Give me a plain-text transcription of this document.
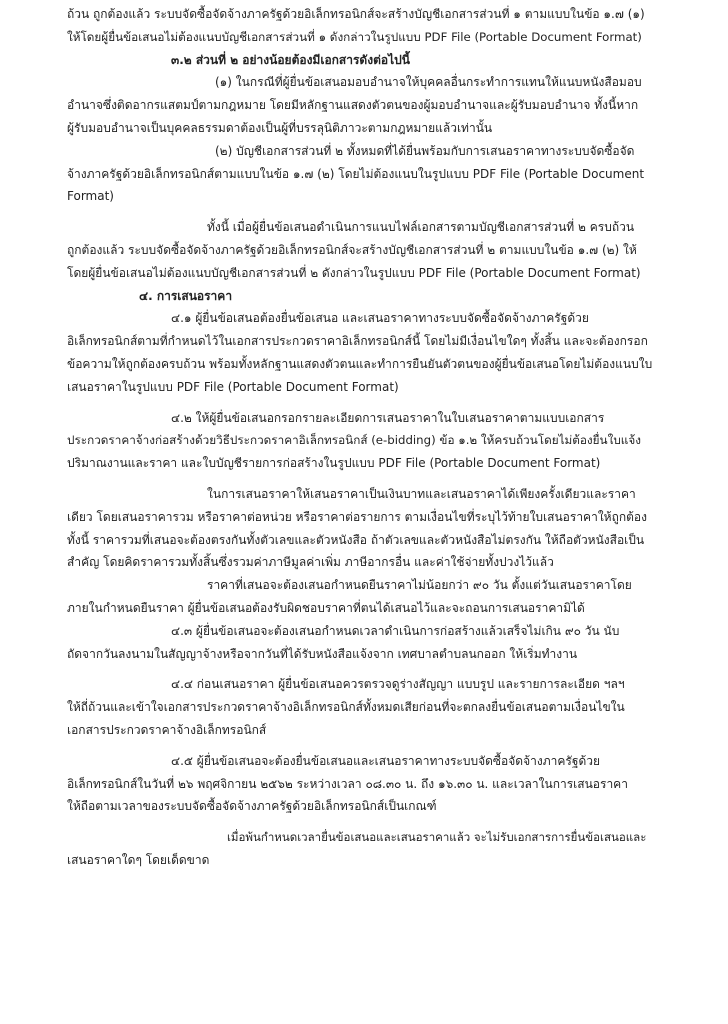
ถ้วน ถูกต้องแล้ว ระบบจัดซื้อจัดจ้างภาครัฐด้วยอิเล็กทรอนิกส์จะสร้างบัญชีเอกสารส่วนที่ ๑ ตามแบบในข้อ ๑.๗ (๑)
ให้โดยผู้ยื่นข้อเสนอไม่ต้องแนบบัญชีเอกสารส่วนที่ ๑ ดังกล่าวในรูปแบบ PDF File (Portable Document Format)
๓.๒ ส่วนที่ ๒ อย่างน้อยต้องมีเอกสารดังต่อไปนี้
(๑) ในกรณีที่ผู้ยื่นข้อเสนอมอบอำนาจให้บุคคลอื่นกระทำการแทนให้แนบหนังสือมอบ
อำนาจซึ่งติดอากรแสตมป์ตามกฎหมาย โดยมีหลักฐานแสดงตัวตนของผู้มอบอำนาจและผู้รับมอบอำนาจ ทั้งนี้หาก
ผู้รับมอบอำนาจเป็นบุคคลธรรมดาต้องเป็นผู้ที่บรรลุนิติภาวะตามกฎหมายแล้วเท่านั้น
(๒) บัญชีเอกสารส่วนที่ ๒ ทั้งหมดที่ได้ยื่นพร้อมกับการเสนอราคาทางระบบจัดซื้อจัด
จ้างภาครัฐด้วยอิเล็กทรอนิกส์ตามแบบในข้อ ๑.๗ (๒) โดยไม่ต้องแนบในรูปแบบ PDF File (Portable Document
Format)
ทั้งนี้ เมื่อผู้ยื่นข้อเสนอดำเนินการแนบไฟล์เอกสารตามบัญชีเอกสารส่วนที่ ๒ ครบถ้วน
ถูกต้องแล้ว ระบบจัดซื้อจัดจ้างภาครัฐด้วยอิเล็กทรอนิกส์จะสร้างบัญชีเอกสารส่วนที่ ๒ ตามแบบในข้อ ๑.๗ (๒) ให้
โดยผู้ยื่นข้อเสนอไม่ต้องแนบบัญชีเอกสารส่วนที่ ๒ ดังกล่าวในรูปแบบ PDF File (Portable Document Format)
๔. การเสนอราคา
๔.๑ ผู้ยื่นข้อเสนอต้องยื่นข้อเสนอ และเสนอราคาทางระบบจัดซื้อจัดจ้างภาครัฐด้วย
อิเล็กทรอนิกส์ตามที่กำหนดไว้ในเอกสารประกวดราคาอิเล็กทรอนิกส์นี้ โดยไม่มีเงื่อนไขใดๆ ทั้งสิ้น และจะต้องกรอก
ข้อความให้ถูกต้องครบถ้วน พร้อมทั้งหลักฐานแสดงตัวตนและทำการยืนยันตัวตนของผู้ยื่นข้อเสนอโดยไม่ต้องแนบใบ
เสนอราคาในรูปแบบ PDF File (Portable Document Format)
๔.๒ ให้ผู้ยื่นข้อเสนอกรอกรายละเอียดการเสนอราคาในใบเสนอราคาตามแบบเอกสาร
ประกวดราคาจ้างก่อสร้างด้วยวิธีประกวดราคาอิเล็กทรอนิกส์ (e-bidding) ข้อ ๑.๒ ให้ครบถ้วนโดยไม่ต้องยื่นใบแจ้ง
ปริมาณงานและราคา และใบบัญชีรายการก่อสร้างในรูปแบบ PDF File (Portable Document Format)
ในการเสนอราคาให้เสนอราคาเป็นเงินบาทและเสนอราคาได้เพียงครั้งเดียวและราคา
เดียว โดยเสนอราคารวม หรือราคาต่อหน่วย หรือราคาต่อรายการ ตามเงื่อนไขที่ระบุไว้ท้ายใบเสนอราคาให้ถูกต้อง
ทั้งนี้ ราคารวมที่เสนอจะต้องตรงกันทั้งตัวเลขและตัวหนังสือ ถ้าตัวเลขและตัวหนังสือไม่ตรงกัน ให้ถือตัวหนังสือเป็น
สำคัญ โดยคิดราคารวมทั้งสิ้นซึ่งรวมค่าภาษีมูลค่าเพิ่ม ภาษีอากรอื่น และค่าใช้จ่ายทั้งปวงไว้แล้ว
ราคาที่เสนอจะต้องเสนอกำหนดยืนราคาไม่น้อยกว่า ๙๐ วัน ตั้งแต่วันเสนอราคาโดย
ภายในกำหนดยืนราคา ผู้ยื่นข้อเสนอต้องรับผิดชอบราคาที่ตนได้เสนอไว้และจะถอนการเสนอราคามิได้
๔.๓ ผู้ยื่นข้อเสนอจะต้องเสนอกำหนดเวลาดำเนินการก่อสร้างแล้วเสร็จไม่เกิน ๙๐ วัน นับ
ถัดจากวันลงนามในสัญญาจ้างหรือจากวันที่ได้รับหนังสือแจ้งจาก เทศบาลตำบลนกออก ให้เริ่มทำงาน
๔.๔ ก่อนเสนอราคา ผู้ยื่นข้อเสนอควรตรวจดูร่างสัญญา แบบรูป และรายการละเอียด ฯลฯ
ให้ถี่ถ้วนและเข้าใจเอกสารประกวดราคาจ้างอิเล็กทรอนิกส์ทั้งหมดเสียก่อนที่จะตกลงยื่นข้อเสนอตามเงื่อนไขใน
เอกสารประกวดราคาจ้างอิเล็กทรอนิกส์
๔.๕ ผู้ยื่นข้อเสนอจะต้องยื่นข้อเสนอและเสนอราคาทางระบบจัดซื้อจัดจ้างภาครัฐด้วย
อิเล็กทรอนิกส์ในวันที่ ๒๖ พฤศจิกายน ๒๕๖๒ ระหว่างเวลา ๐๘.๓๐ น. ถึง ๑๖.๓๐ น. และเวลาในการเสนอราคา
ให้ถือตามเวลาของระบบจัดซื้อจัดจ้างภาครัฐด้วยอิเล็กทรอนิกส์เป็นเกณฑ์
เมื่อพ้นกำหนดเวลายื่นข้อเสนอและเสนอราคาแล้ว จะไม่รับเอกสารการยื่นข้อเสนอและ
เสนอราคาใดๆ โดยเด็ดขาด
